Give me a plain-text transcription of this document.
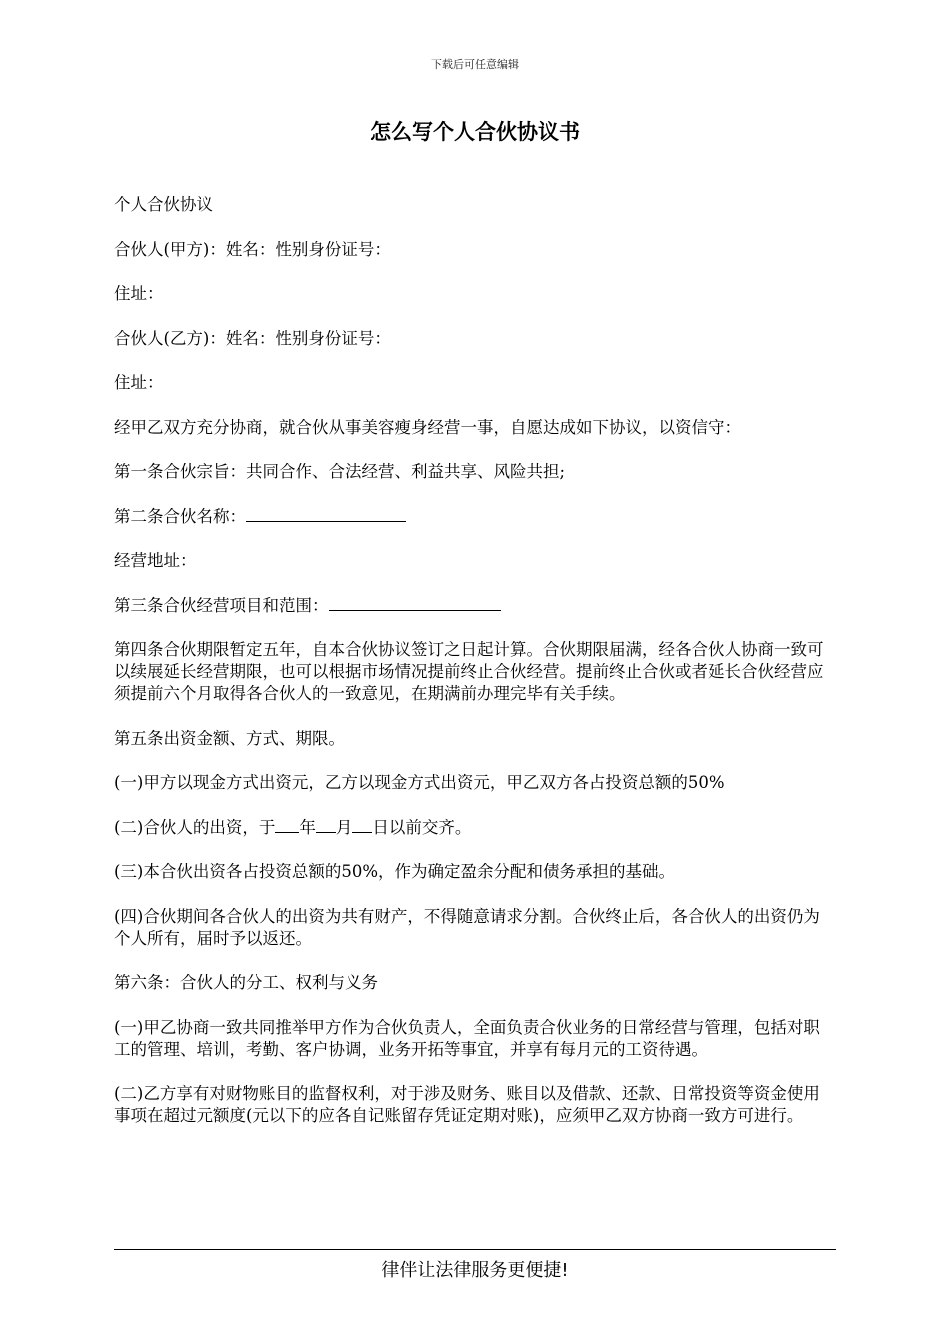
下载后可任意编辑
怎么写个人合伙协议书

个人合伙协议

合伙人(甲方)：姓名：性别身份证号：

住址：

合伙人(乙方)：姓名：性别身份证号：

住址：

经甲乙双方充分协商，就合伙从事美容瘦身经营一事，自愿达成如下协议，以资信守：

第一条合伙宗旨：共同合作、合法经营、利益共享、风险共担;

第二条合伙名称：

经营地址：

第三条合伙经营项目和范围：

第四条合伙期限暂定五年，自本合伙协议签订之日起计算。合伙期限届满，经各合伙人协商一致可以续展延长经营期限，也可以根据市场情况提前终止合伙经营。提前终止合伙或者延长合伙经营应须提前六个月取得各合伙人的一致意见，在期满前办理完毕有关手续。

第五条出资金额、方式、期限。

(一)甲方以现金方式出资元，乙方以现金方式出资元，甲乙双方各占投资总额的50%

(二)合伙人的出资，于 年 月 日以前交齐。

(三)本合伙出资各占投资总额的50%，作为确定盈余分配和债务承担的基础。

(四)合伙期间各合伙人的出资为共有财产，不得随意请求分割。合伙终止后，各合伙人的出资仍为个人所有，届时予以返还。

第六条：合伙人的分工、权利与义务

(一)甲乙协商一致共同推举甲方作为合伙负责人，全面负责合伙业务的日常经营与管理，包括对职工的管理、培训，考勤、客户协调，业务开拓等事宜，并享有每月元的工资待遇。

(二)乙方享有对财物账目的监督权利，对于涉及财务、账目以及借款、还款、日常投资等资金使用事项在超过元额度(元以下的应各自记账留存凭证定期对账)，应须甲乙双方协商一致方可进行。

律伴让法律服务更便捷!
